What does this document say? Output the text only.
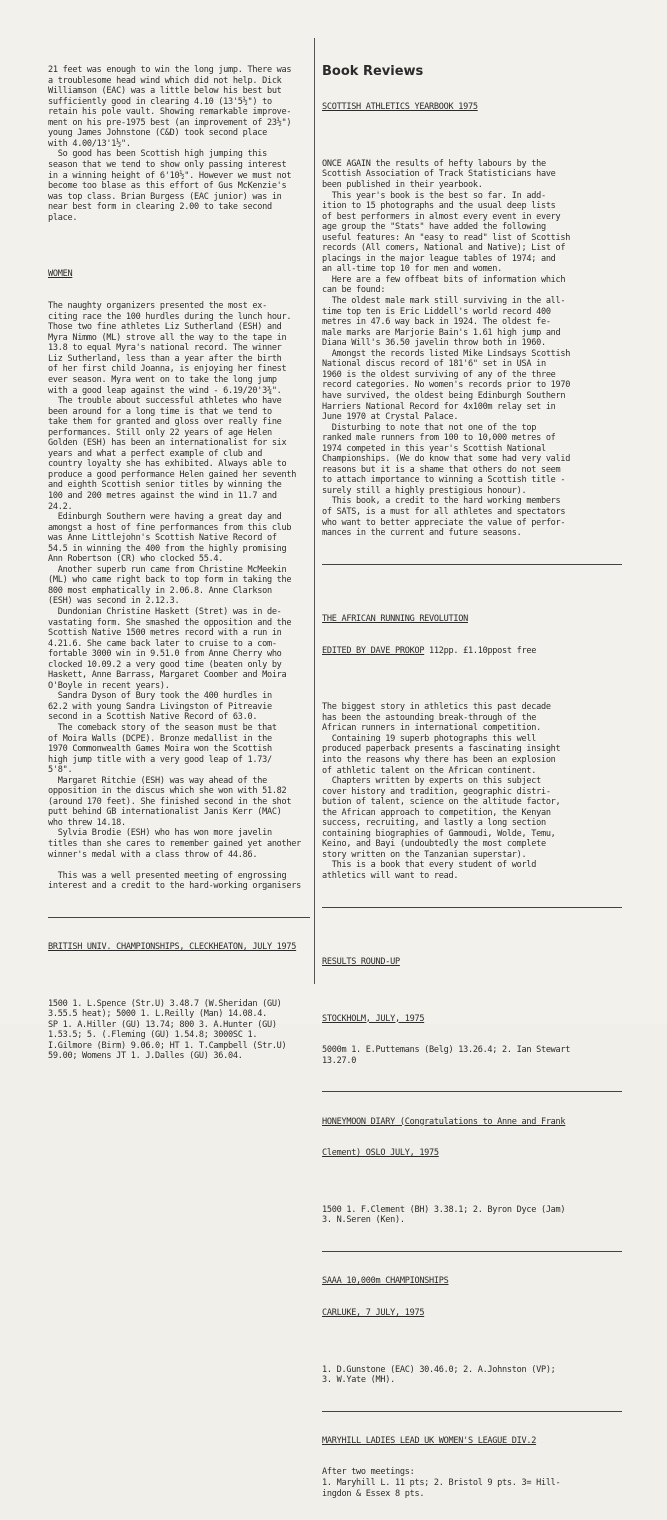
21 feet was enough to win the long jump. There was
a troublesome head wind which did not help. Dick
Williamson (EAC) was a little below his best but
sufficiently good in clearing 4.10 (13'5½") to
retain his pole vault. Showing remarkable improve-
ment on his pre-1975 best (an improvement of 23½")
young James Johnstone (C&D) took second place
with 4.00/13'1½".
So good has been Scottish high jumping this
season that we tend to show only passing interest
in a winning height of 6'10½". However we must not
become too blase as this effort of Gus McKenzie's
was top class. Brian Burgess (EAC junior) was in
near best form in clearing 2.00 to take second
place.

WOMEN

The naughty organizers presented the most ex-
citing race the 100 hurdles during the lunch hour.
Those two fine athletes Liz Sutherland (ESH) and
Myra Nimmo (ML) strove all the way to the tape in
13.8 to equal Myra's national record. The winner
Liz Sutherland, less than a year after the birth
of her first child Joanna, is enjoying her finest
ever season. Myra went on to take the long jump
with a good leap against the wind - 6.19/20'3¾".
The trouble about successful athletes who have
been around for a long time is that we tend to
take them for granted and gloss over really fine
performances. Still only 22 years of age Helen
Golden (ESH) has been an internationalist for six
years and what a perfect example of club and
country loyalty she has exhibited. Always able to
produce a good performance Helen gained her seventh
and eighth Scottish senior titles by winning the
100 and 200 metres against the wind in 11.7 and
24.2.
Edinburgh Southern were having a great day and
amongst a host of fine performances from this club
was Anne Littlejohn's Scottish Native Record of
54.5 in winning the 400 from the highly promising
Ann Robertson (CR) who clocked 55.4.
Another superb run came from Christine McMeekin
(ML) who came right back to top form in taking the
800 most emphatically in 2.06.8. Anne Clarkson
(ESH) was second in 2.12.3.
Dundonian Christine Haskett (Stret) was in de-
vastating form. She smashed the opposition and the
Scottish Native 1500 metres record with a run in
4.21.6. She came back later to cruise to a com-
fortable 3000 win in 9.51.0 from Anne Cherry who
clocked 10.09.2 a very good time (beaten only by
Haskett, Anne Barrass, Margaret Coomber and Moira
O'Boyle in recent years).
Sandra Dyson of Bury took the 400 hurdles in
62.2 with young Sandra Livingston of Pitreavie
second in a Scottish Native Record of 63.0.
The comeback story of the season must be that
of Moira Walls (DCPE). Bronze medallist in the
1970 Commonwealth Games Moira won the Scottish
high jump title with a very good leap of 1.73/
5'8".
Margaret Ritchie (ESH) was way ahead of the
opposition in the discus which she won with 51.82
(around 170 feet). She finished second in the shot
putt behind GB internationalist Janis Kerr (MAC)
who threw 14.18.
Sylvia Brodie (ESH) who has won more javelin
titles than she cares to remember gained yet another
winner's medal with a class throw of 44.86.
This was a well presented meeting of engrossing
interest and a credit to the hard-working organisers

BRITISH UNIV. CHAMPIONSHIPS, CLECKHEATON, JULY 1975

1500 1. L.Spence (Str.U) 3.48.7 (W.Sheridan (GU)
3.55.5 heat); 5000 1. L.Reilly (Man) 14.08.4.
SP 1. A.Hiller (GU) 13.74; 800 3. A.Hunter (GU)
1.53.5; 5. (.Fleming (GU) 1.54.8; 3000SC 1.
I.Gilmore (Birm) 9.06.0; HT 1. T.Campbell (Str.U)
59.00; Womens JT 1. J.Dalles (GU) 36.04.

Book Reviews

SCOTTISH ATHLETICS YEARBOOK 1975

ONCE AGAIN the results of hefty labours by the
Scottish Association of Track Statisticians have
been published in their yearbook.
This year's book is the best so far. In add-
ition to 15 photographs and the usual deep lists
of best performers in almost every event in every
age group the "Stats" have added the following
useful features: An "easy to read" list of Scottish
records (All comers, National and Native); List of
placings in the major league tables of 1974; and
an all-time top 10 for men and women.
Here are a few offbeat bits of information which
can be found:
The oldest male mark still surviving in the all-
time top ten is Eric Liddell's world record 400
metres in 47.6 way back in 1924. The oldest fe-
male marks are Marjorie Bain's 1.61 high jump and
Diana Will's 36.50 javelin throw both in 1960.
Amongst the records listed Mike Lindsays Scottish
National discus record of 181'6" set in USA in
1960 is the oldest surviving of any of the three
record categories. No women's records prior to 1970
have survived, the oldest being Edinburgh Southern
Harriers National Record for 4x100m relay set in
June 1970 at Crystal Palace.
Disturbing to note that not one of the top
ranked male runners from 100 to 10,000 metres of
1974 competed in this year's Scottish National
Championships. (We do know that some had very valid
reasons but it is a shame that others do not seem
to attach importance to winning a Scottish title -
surely still a highly prestigious honour).
This book, a credit to the hard working members
of SATS, is a must for all athletes and spectators
who want to better appreciate the value of perfor-
mances in the current and future seasons.

THE AFRICAN RUNNING REVOLUTION

EDITED BY DAVE PROKOP 112pp. £1.10ppost free

The biggest story in athletics this past decade
has been the astounding break-through of the
African runners in international competition.
Containing 19 superb photographs this well
produced paperback presents a fascinating insight
into the reasons why there has been an explosion
of athletic talent on the African continent.
Chapters written by experts on this subject
cover history and tradition, geographic distri-
bution of talent, science on the altitude factor,
the African approach to competition, the Kenyan
success, recruiting, and lastly a long section
containing biographies of Gammoudi, Wolde, Temu,
Keino, and Bayi (undoubtedly the most complete
story written on the Tanzanian superstar).
This is a book that every student of world
athletics will want to read.

RESULTS ROUND-UP

STOCKHOLM, JULY, 1975

5000m 1. E.Puttemans (Belg) 13.26.4; 2. Ian Stewart
13.27.0

HONEYMOON DIARY (Congratulations to Anne and Frank

Clement) OSLO JULY, 1975

1500 1. F.Clement (BH) 3.38.1; 2. Byron Dyce (Jam)
3. N.Seren (Ken).

SAAA 10,000m CHAMPIONSHIPS

CARLUKE, 7 JULY, 1975

1. D.Gunstone (EAC) 30.46.0; 2. A.Johnston (VP);
3. W.Yate (MH).

MARYHILL LADIES LEAD UK WOMEN'S LEAGUE DIV.2

After two meetings:
1. Maryhill L. 11 pts; 2. Bristol 9 pts. 3= Hill-
ingdon & Essex 8 pts.
